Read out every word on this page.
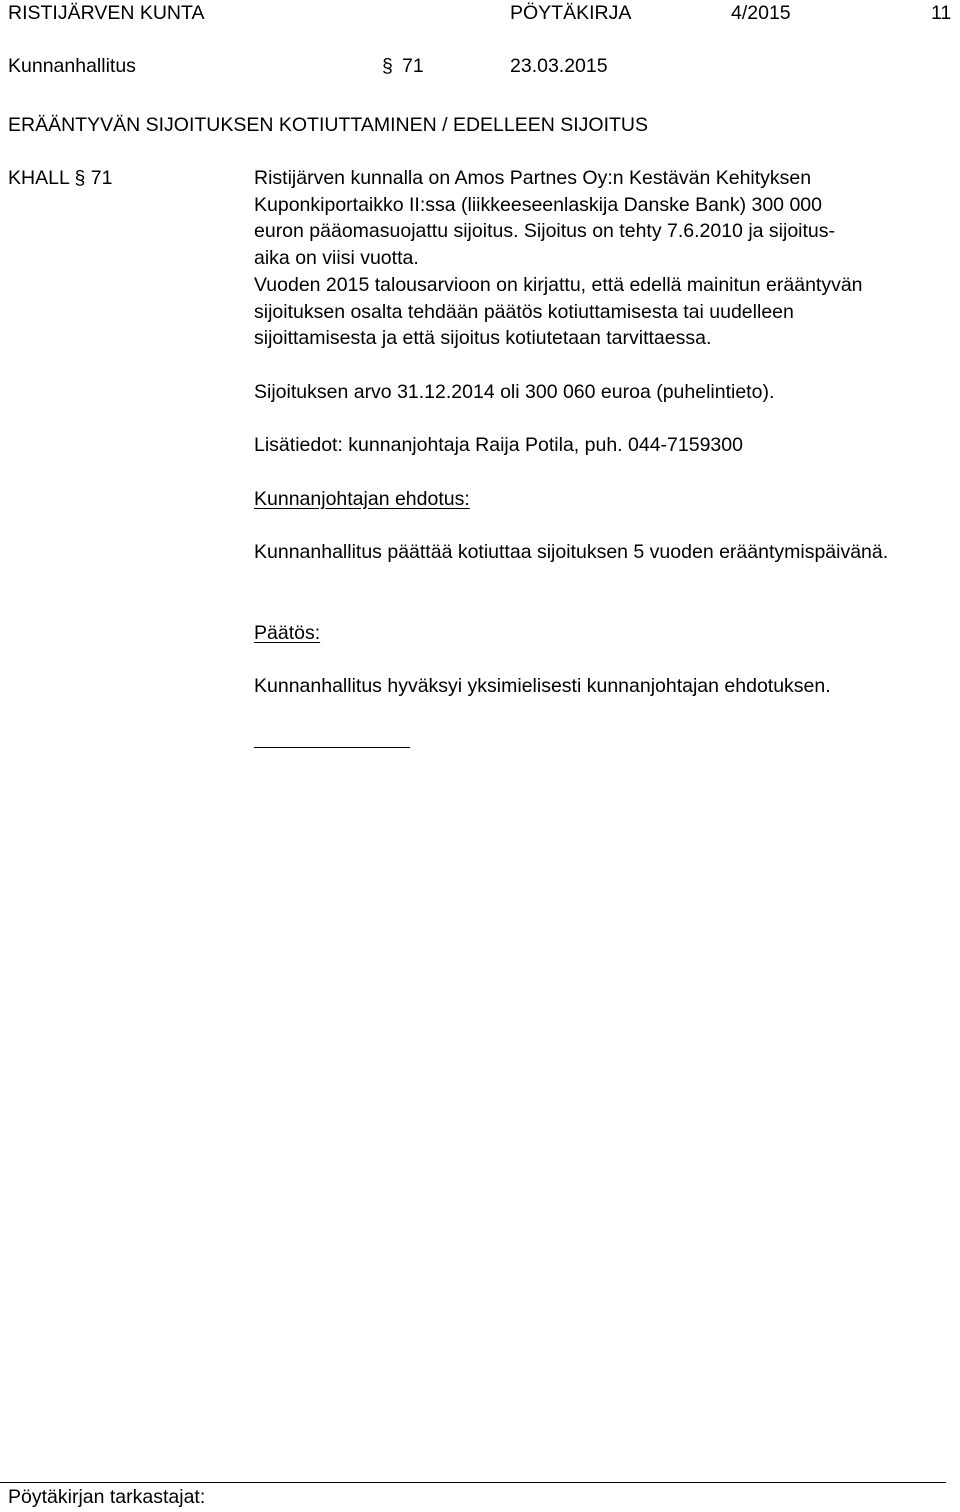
RISTIJÄRVEN KUNTA	PÖYTÄKIRJA	4/2015	11
Kunnanhallitus	§ 71	23.03.2015
ERÄÄNTYVÄN SIJOITUKSEN KOTIUTTAMINEN / EDELLEEN SIJOITUS
KHALL § 71	Ristijärven kunnalla on Amos Partnes Oy:n Kestävän Kehityksen
Kuponkiportaikko II:ssa (liikkeeseenlaskija Danske Bank) 300 000
euron pääomasuojattu sijoitus. Sijoitus on tehty 7.6.2010 ja sijoitus-
aika on viisi vuotta.
Vuoden 2015 talousarvioon on kirjattu, että edellä mainitun erääntyvän sijoituksen osalta tehdään päätös kotiuttamisesta tai uudelleen
sijoittamisesta ja että sijoitus kotiutetaan tarvittaessa.
Sijoituksen arvo 31.12.2014 oli 300 060 euroa (puhelintieto).
Lisätiedot: kunnanjohtaja Raija Potila, puh. 044-7159300
Kunnanjohtajan ehdotus:
Kunnanhallitus päättää kotiuttaa sijoituksen 5 vuoden erääntymispäivänä.
Päätös:
Kunnanhallitus hyväksyi yksimielisesti kunnanjohtajan ehdotuksen.
Pöytäkirjan tarkastajat:
